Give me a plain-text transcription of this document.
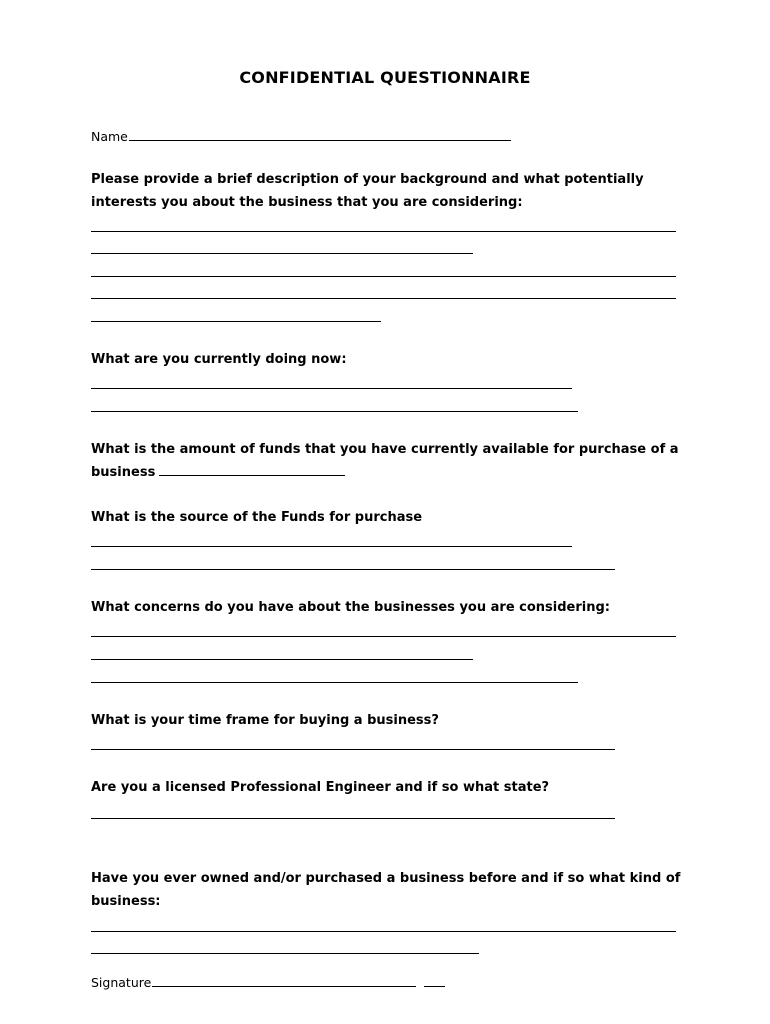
CONFIDENTIAL QUESTIONNAIRE
Name
Please provide a brief description of your background and what potentially
interests you about the business that you are considering:
What are you currently doing now:
What is the amount of funds that you have currently available for purchase of a
business
What is the source of the Funds for purchase
What concerns do you have about the businesses you are considering:
What is your time frame for buying a business?
Are you a licensed Professional Engineer and if so what state?
Have you ever owned and/or purchased a business before and if so what kind of
business:
Signature
